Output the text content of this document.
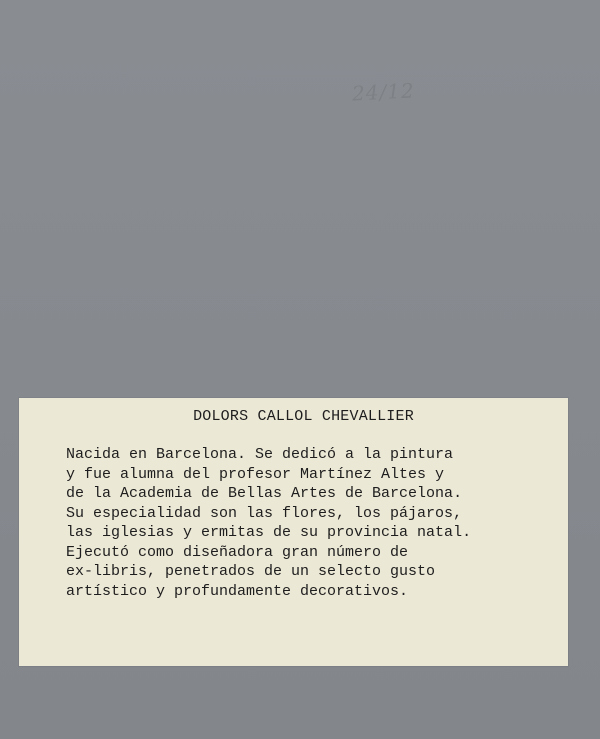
24/12
DOLORS CALLOL CHEVALLIER
Nacida en Barcelona. Se dedicó a la pintura
y fue alumna del profesor Martínez Altes y
de la Academia de Bellas Artes de Barcelona.
Su especialidad son las flores, los pájaros,
las iglesias y ermitas de su provincia natal.
Ejecutó como diseñadora gran número de
ex-libris, penetrados de un selecto gusto
artístico y profundamente decorativos.
